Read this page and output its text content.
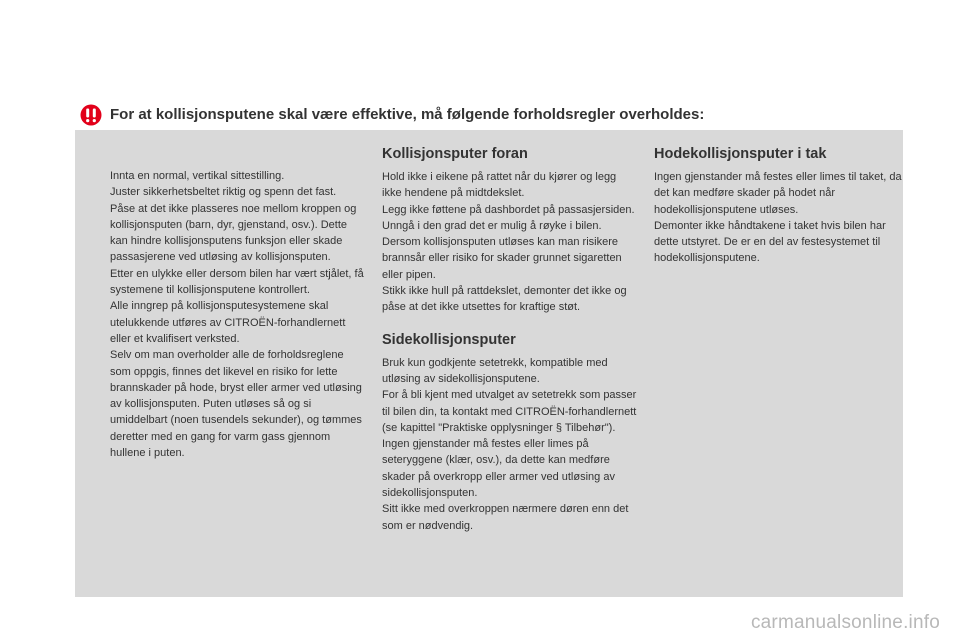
For at kollisjonsputene skal være effektive, må følgende forholdsregler overholdes:

Innta en normal, vertikal sittestilling.
Juster sikkerhetsbeltet riktig og spenn det fast.
Påse at det ikke plasseres noe mellom kroppen og kollisjonsputen (barn, dyr, gjenstand, osv.). Dette kan hindre kollisjonsputens funksjon eller skade passasjerene ved utløsing av kollisjonsputen.
Etter en ulykke eller dersom bilen har vært stjålet, få systemene til kollisjonsputene kontrollert.
Alle inngrep på kollisjonsputesystemene skal utelukkende utføres av CITROËN-forhandlernett eller et kvalifisert verksted.
Selv om man overholder alle de forholdsreglene som oppgis, finnes det likevel en risiko for lette brannskader på hode, bryst eller armer ved utløsing av kollisjonsputen. Puten utløses så og si umiddelbart (noen tusendels sekunder), og tømmes deretter med en gang for varm gass gjennom hullene i puten.

Kollisjonsputer foran

Hold ikke i eikene på rattet når du kjører og legg ikke hendene på midtdekslet.
Legg ikke føttene på dashbordet på passasjersiden.
Unngå i den grad det er mulig å røyke i bilen. Dersom kollisjonsputen utløses kan man risikere brannsår eller risiko for skader grunnet sigaretten eller pipen.
Stikk ikke hull på rattdekslet, demonter det ikke og påse at det ikke utsettes for kraftige støt.

Sidekollisjonsputer

Bruk kun godkjente setetrekk, kompatible med utløsing av sidekollisjonsputene.
For å bli kjent med utvalget av setetrekk som passer til bilen din, ta kontakt med CITROËN-forhandlernett (se kapittel "Praktiske opplysninger § Tilbehør").
Ingen gjenstander må festes eller limes på seteryggene (klær, osv.), da dette kan medføre skader på overkropp eller armer ved utløsing av sidekollisjonsputen.
Sitt ikke med overkroppen nærmere døren enn det som er nødvendig.

Hodekollisjonsputer i tak

Ingen gjenstander må festes eller limes til taket, da det kan medføre skader på hodet når hodekollisjonsputene utløses.
Demonter ikke håndtakene i taket hvis bilen har dette utstyret. De er en del av festesystemet til hodekollisjonsputene.

carmanualsonline.info
